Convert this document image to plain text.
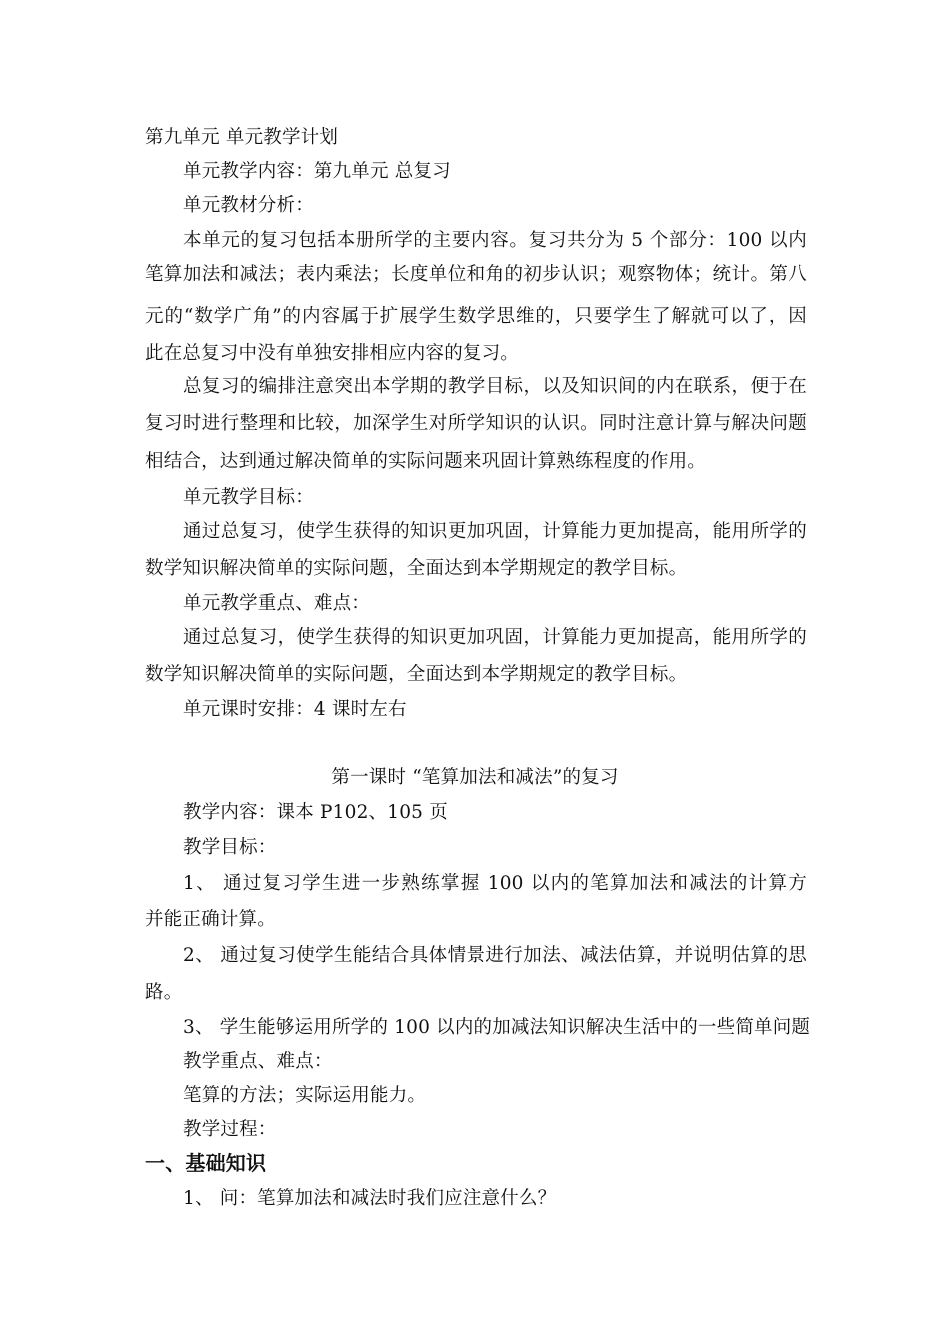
第九单元 单元教学计划
单元教学内容：第九单元 总复习
单元教材分析：
本单元的复习包括本册所学的主要内容。复习共分为 5 个部分：100 以内
笔算加法和减法；表内乘法；长度单位和角的初步认识；观察物体；统计。第八
元的“数学广角”的内容属于扩展学生数学思维的，只要学生了解就可以了，因
此在总复习中没有单独安排相应内容的复习。
总复习的编排注意突出本学期的教学目标，以及知识间的内在联系，便于在
复习时进行整理和比较，加深学生对所学知识的认识。同时注意计算与解决问题
相结合，达到通过解决简单的实际问题来巩固计算熟练程度的作用。
单元教学目标：
通过总复习，使学生获得的知识更加巩固，计算能力更加提高，能用所学的
数学知识解决简单的实际问题，全面达到本学期规定的教学目标。
单元教学重点、难点：
通过总复习，使学生获得的知识更加巩固，计算能力更加提高，能用所学的
数学知识解决简单的实际问题，全面达到本学期规定的教学目标。
单元课时安排：4 课时左右
第一课时 “笔算加法和减法”的复习
教学内容：课本 P102、105 页
教学目标：
1、 通过复习学生进一步熟练掌握 100 以内的笔算加法和减法的计算方
并能正确计算。
2、 通过复习使学生能结合具体情景进行加法、减法估算，并说明估算的思
路。
3、 学生能够运用所学的 100 以内的加减法知识解决生活中的一些简单问题
教学重点、难点：
笔算的方法；实际运用能力。
教学过程：
一、基础知识
1、 问：笔算加法和减法时我们应注意什么？
